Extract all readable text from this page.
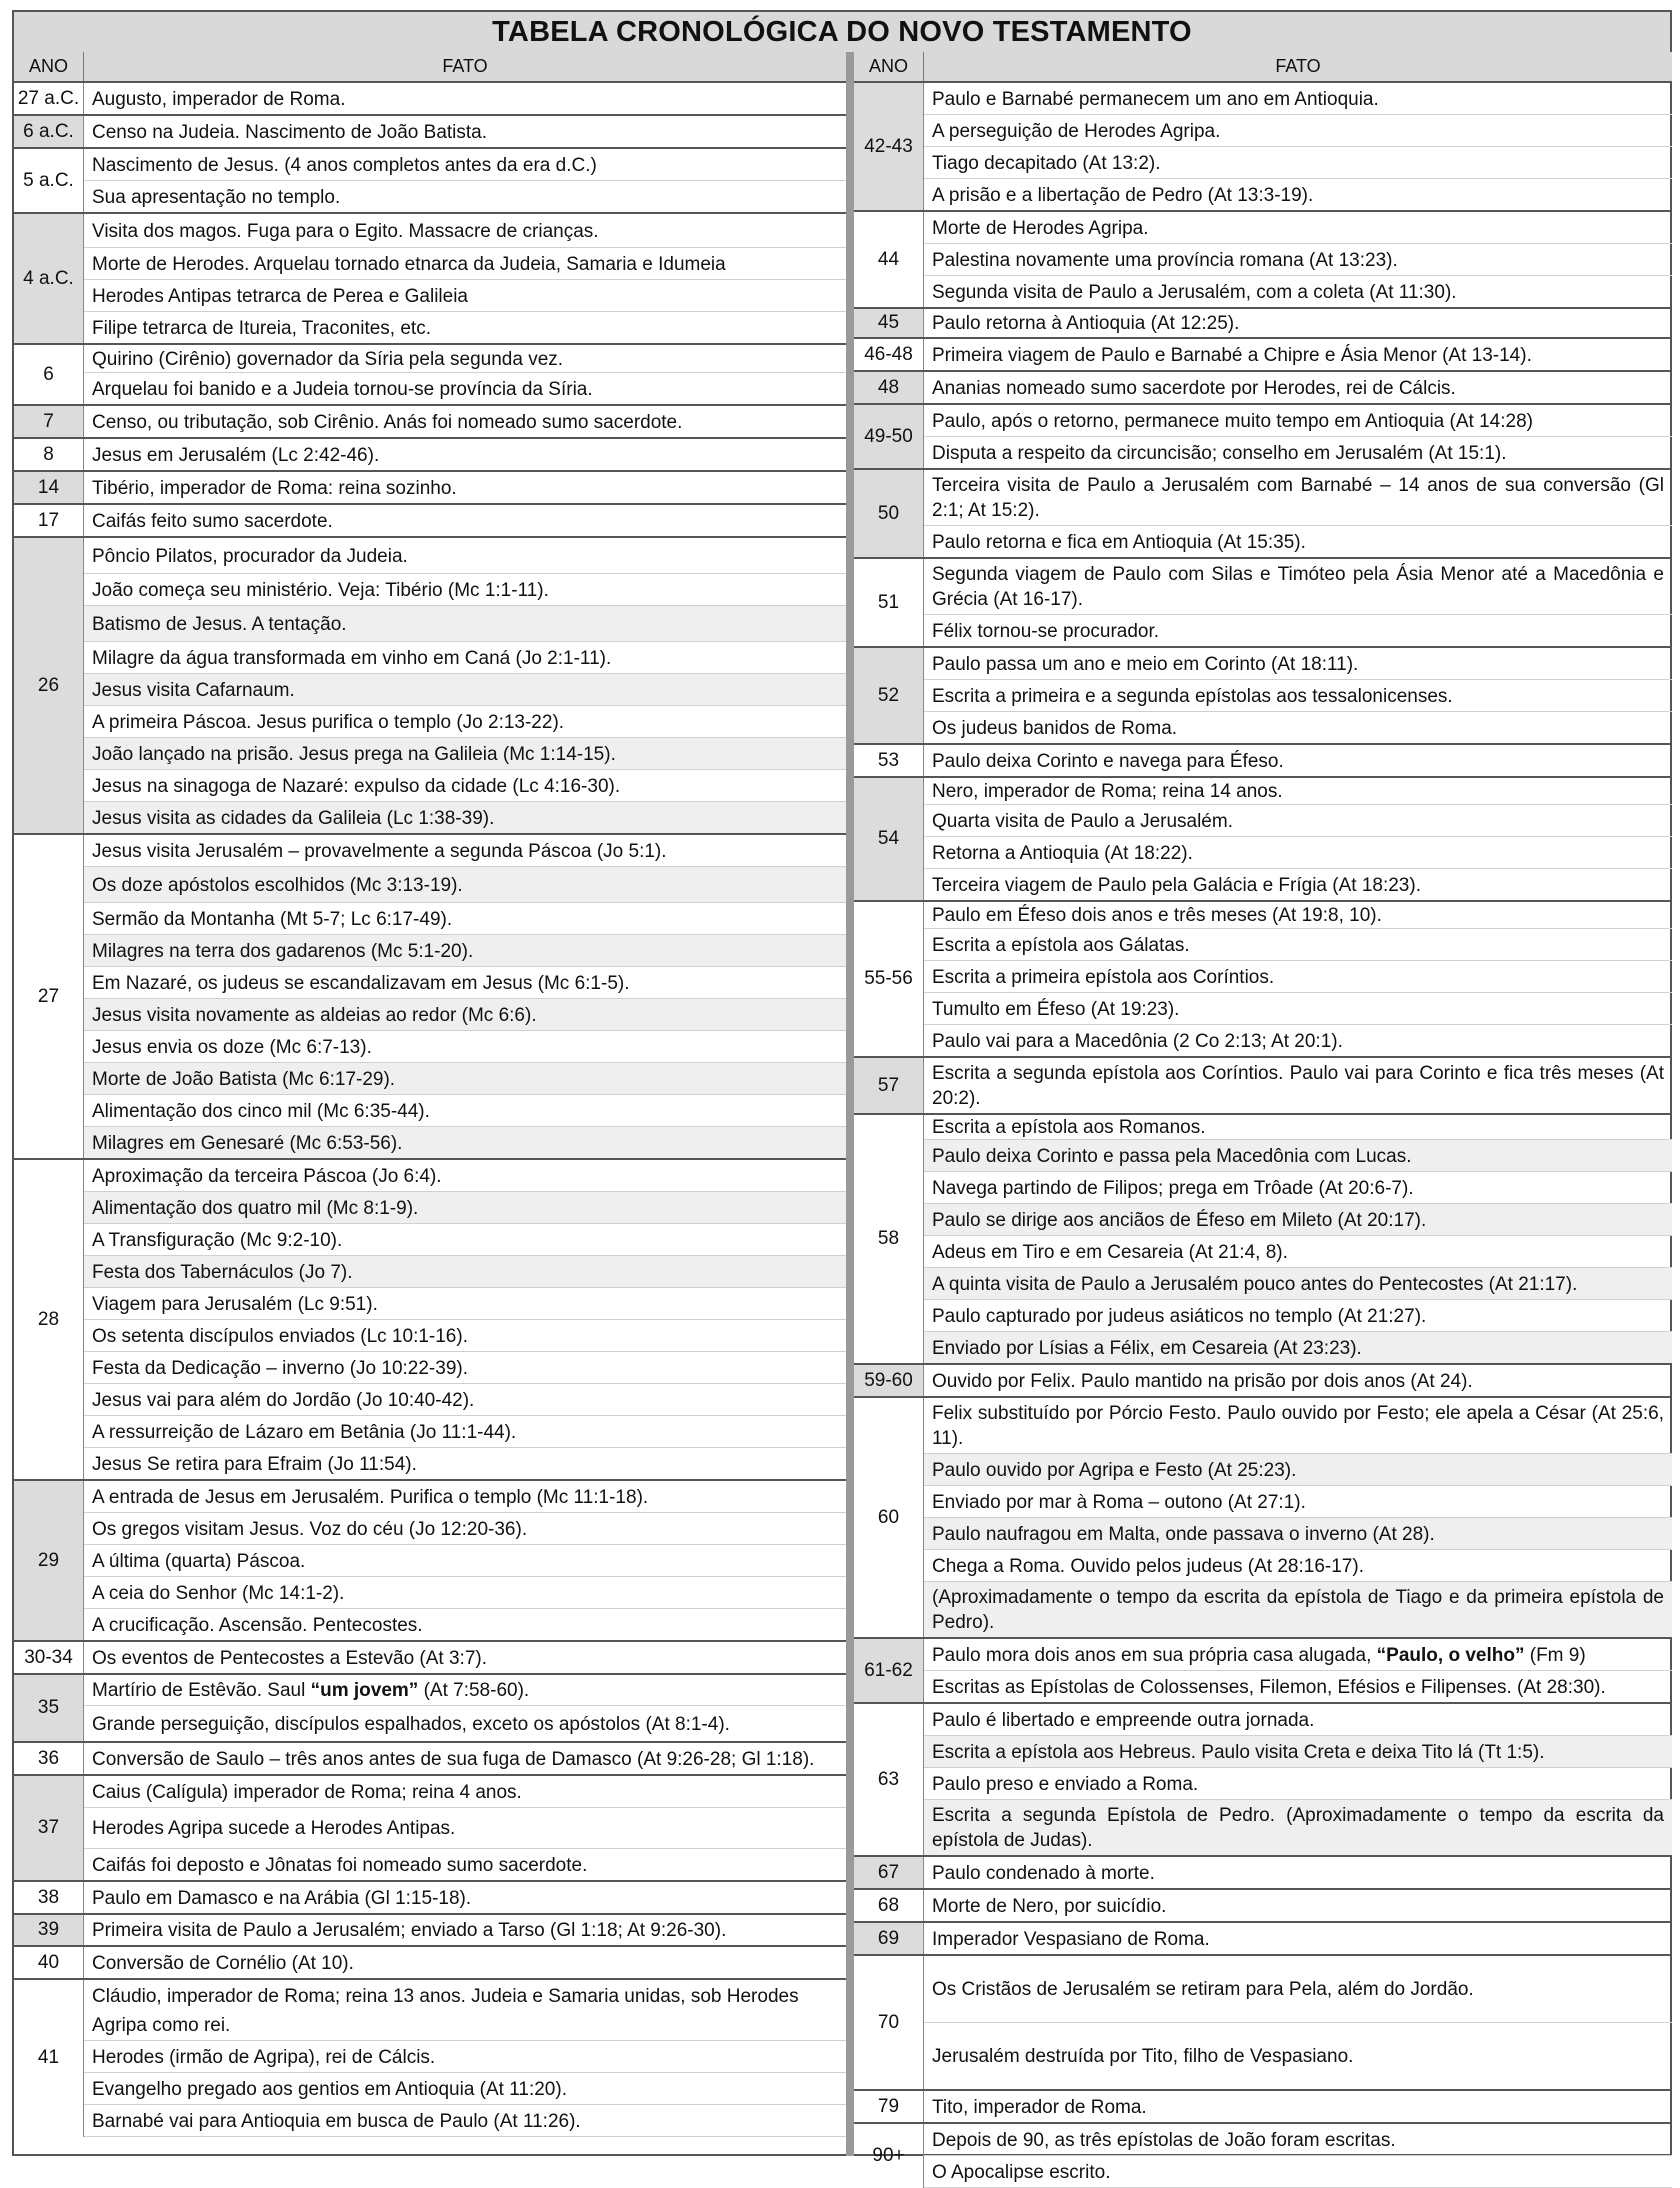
TABELA CRONOLÓGICA DO NOVO TESTAMENTO
ANO	FATO
27 a.C.	Augusto, imperador de Roma.
6 a.C.	Censo na Judeia. Nascimento de João Batista.
5 a.C.	Nascimento de Jesus. (4 anos completos antes da era d.C.)
	Sua apresentação no templo.
4 a.C.	Visita dos magos. Fuga para o Egito. Massacre de crianças.
	Morte de Herodes. Arquelau tornado etnarca da Judeia, Samaria e Idumeia
	Herodes Antipas tetrarca de Perea e Galileia
	Filipe tetrarca de Itureia, Traconites, etc.
6	Quirino (Cirênio) governador da Síria pela segunda vez.
	Arquelau foi banido e a Judeia tornou-se província da Síria.
7	Censo, ou tributação, sob Cirênio. Anás foi nomeado sumo sacerdote.
8	Jesus em Jerusalém (Lc 2:42-46).
14	Tibério, imperador de Roma: reina sozinho.
17	Caifás feito sumo sacerdote.
26	Pôncio Pilatos, procurador da Judeia.
	João começa seu ministério. Veja: Tibério (Mc 1:1-11).
	Batismo de Jesus. A tentação.
	Milagre da água transformada em vinho em Caná (Jo 2:1-11).
	Jesus visita Cafarnaum.
	A primeira Páscoa. Jesus purifica o templo (Jo 2:13-22).
	João lançado na prisão. Jesus prega na Galileia (Mc 1:14-15).
	Jesus na sinagoga de Nazaré: expulso da cidade (Lc 4:16-30).
	Jesus visita as cidades da Galileia (Lc 1:38-39).
27	Jesus visita Jerusalém – provavelmente a segunda Páscoa (Jo 5:1).
	Os doze apóstolos escolhidos (Mc 3:13-19).
	Sermão da Montanha (Mt 5-7; Lc 6:17-49).
	Milagres na terra dos gadarenos (Mc 5:1-20).
	Em Nazaré, os judeus se escandalizavam em Jesus (Mc 6:1-5).
	Jesus visita novamente as aldeias ao redor (Mc 6:6).
	Jesus envia os doze (Mc 6:7-13).
	Morte de João Batista (Mc 6:17-29).
	Alimentação dos cinco mil (Mc 6:35-44).
	Milagres em Genesaré (Mc 6:53-56).
28	Aproximação da terceira Páscoa (Jo 6:4).
	Alimentação dos quatro mil (Mc 8:1-9).
	A Transfiguração (Mc 9:2-10).
	Festa dos Tabernáculos (Jo 7).
	Viagem para Jerusalém (Lc 9:51).
	Os setenta discípulos enviados (Lc 10:1-16).
	Festa da Dedicação – inverno (Jo 10:22-39).
	Jesus vai para além do Jordão (Jo 10:40-42).
	A ressurreição de Lázaro em Betânia (Jo 11:1-44).
	Jesus Se retira para Efraim (Jo 11:54).
29	A entrada de Jesus em Jerusalém. Purifica o templo (Mc 11:1-18).
	Os gregos visitam Jesus. Voz do céu (Jo 12:20-36).
	A última (quarta) Páscoa.
	A ceia do Senhor (Mc 14:1-2).
	A crucificação. Ascensão. Pentecostes.
30-34	Os eventos de Pentecostes a Estevão (At 3:7).
35	Martírio de Estêvão. Saul “um jovem” (At 7:58-60).
	Grande perseguição, discípulos espalhados, exceto os apóstolos (At 8:1-4).
36	Conversão de Saulo – três anos antes de sua fuga de Damasco (At 9:26-28; Gl 1:18).
37	Caius (Calígula) imperador de Roma; reina 4 anos.
	Herodes Agripa sucede a Herodes Antipas.
	Caifás foi deposto e Jônatas foi nomeado sumo sacerdote.
38	Paulo em Damasco e na Arábia (Gl 1:15-18).
39	Primeira visita de Paulo a Jerusalém; enviado a Tarso (Gl 1:18; At 9:26-30).
40	Conversão de Cornélio (At 10).
41	Cláudio, imperador de Roma; reina 13 anos. Judeia e Samaria unidas, sob Herodes Agripa como rei.
	Herodes (irmão de Agripa), rei de Cálcis.
	Evangelho pregado aos gentios em Antioquia (At 11:20).
	Barnabé vai para Antioquia em busca de Paulo (At 11:26).
ANO	FATO
42-43	Paulo e Barnabé permanecem um ano em Antioquia.
	A perseguição de Herodes Agripa.
	Tiago decapitado (At 13:2).
	A prisão e a libertação de Pedro (At 13:3-19).
44	Morte de Herodes Agripa.
	Palestina novamente uma província romana (At 13:23).
	Segunda visita de Paulo a Jerusalém, com a coleta (At 11:30).
45	Paulo retorna à Antioquia (At 12:25).
46-48	Primeira viagem de Paulo e Barnabé a Chipre e Ásia Menor (At 13-14).
48	Ananias nomeado sumo sacerdote por Herodes, rei de Cálcis.
49-50	Paulo, após o retorno, permanece muito tempo em Antioquia (At 14:28)
	Disputa a respeito da circuncisão; conselho em Jerusalém (At 15:1).
50	Terceira visita de Paulo a Jerusalém com Barnabé – 14 anos de sua conversão (Gl 2:1; At 15:2).
	Paulo retorna e fica em Antioquia (At 15:35).
51	Segunda viagem de Paulo com Silas e Timóteo pela Ásia Menor até a Macedônia e Grécia (At 16-17).
	Félix tornou-se procurador.
52	Paulo passa um ano e meio em Corinto (At 18:11).
	Escrita a primeira e a segunda epístolas aos tessalonicenses.
	Os judeus banidos de Roma.
53	Paulo deixa Corinto e navega para Éfeso.
54	Nero, imperador de Roma; reina 14 anos.
	Quarta visita de Paulo a Jerusalém.
	Retorna a Antioquia (At 18:22).
	Terceira viagem de Paulo pela Galácia e Frígia (At 18:23).
55-56	Paulo em Éfeso dois anos e três meses (At 19:8, 10).
	Escrita a epístola aos Gálatas.
	Escrita a primeira epístola aos Coríntios.
	Tumulto em Éfeso (At 19:23).
	Paulo vai para a Macedônia (2 Co 2:13; At 20:1).
57	Escrita a segunda epístola aos Coríntios. Paulo vai para Corinto e fica três meses (At 20:2).
58	Escrita a epístola aos Romanos.
	Paulo deixa Corinto e passa pela Macedônia com Lucas.
	Navega partindo de Filipos; prega em Trôade (At 20:6-7).
	Paulo se dirige aos anciãos de Éfeso em Mileto (At 20:17).
	Adeus em Tiro e em Cesareia (At 21:4, 8).
	A quinta visita de Paulo a Jerusalém pouco antes do Pentecostes (At 21:17).
	Paulo capturado por judeus asiáticos no templo (At 21:27).
	Enviado por Lísias a Félix, em Cesareia (At 23:23).
59-60	Ouvido por Felix. Paulo mantido na prisão por dois anos (At 24).
60	Felix substituído por Pórcio Festo. Paulo ouvido por Festo; ele apela a César (At 25:6, 11).
	Paulo ouvido por Agripa e Festo (At 25:23).
	Enviado por mar à Roma – outono (At 27:1).
	Paulo naufragou em Malta, onde passava o inverno (At 28).
	Chega a Roma. Ouvido pelos judeus (At 28:16-17).
	(Aproximadamente o tempo da escrita da epístola de Tiago e da primeira epístola de Pedro).
61-62	Paulo mora dois anos em sua própria casa alugada, “Paulo, o velho” (Fm 9)
	Escritas as Epístolas de Colossenses, Filemon, Efésios e Filipenses. (At 28:30).
63	Paulo é libertado e empreende outra jornada.
	Escrita a epístola aos Hebreus. Paulo visita Creta e deixa Tito lá (Tt 1:5).
	Paulo preso e enviado a Roma.
	Escrita a segunda Epístola de Pedro. (Aproximadamente o tempo da escrita da epístola de Judas).
67	Paulo condenado à morte.
68	Morte de Nero, por suicídio.
69	Imperador Vespasiano de Roma.
70	Os Cristãos de Jerusalém se retiram para Pela, além do Jordão.
	Jerusalém destruída por Tito, filho de Vespasiano.
79	Tito, imperador de Roma.
90+	Depois de 90, as três epístolas de João foram escritas.
	O Apocalipse escrito.
